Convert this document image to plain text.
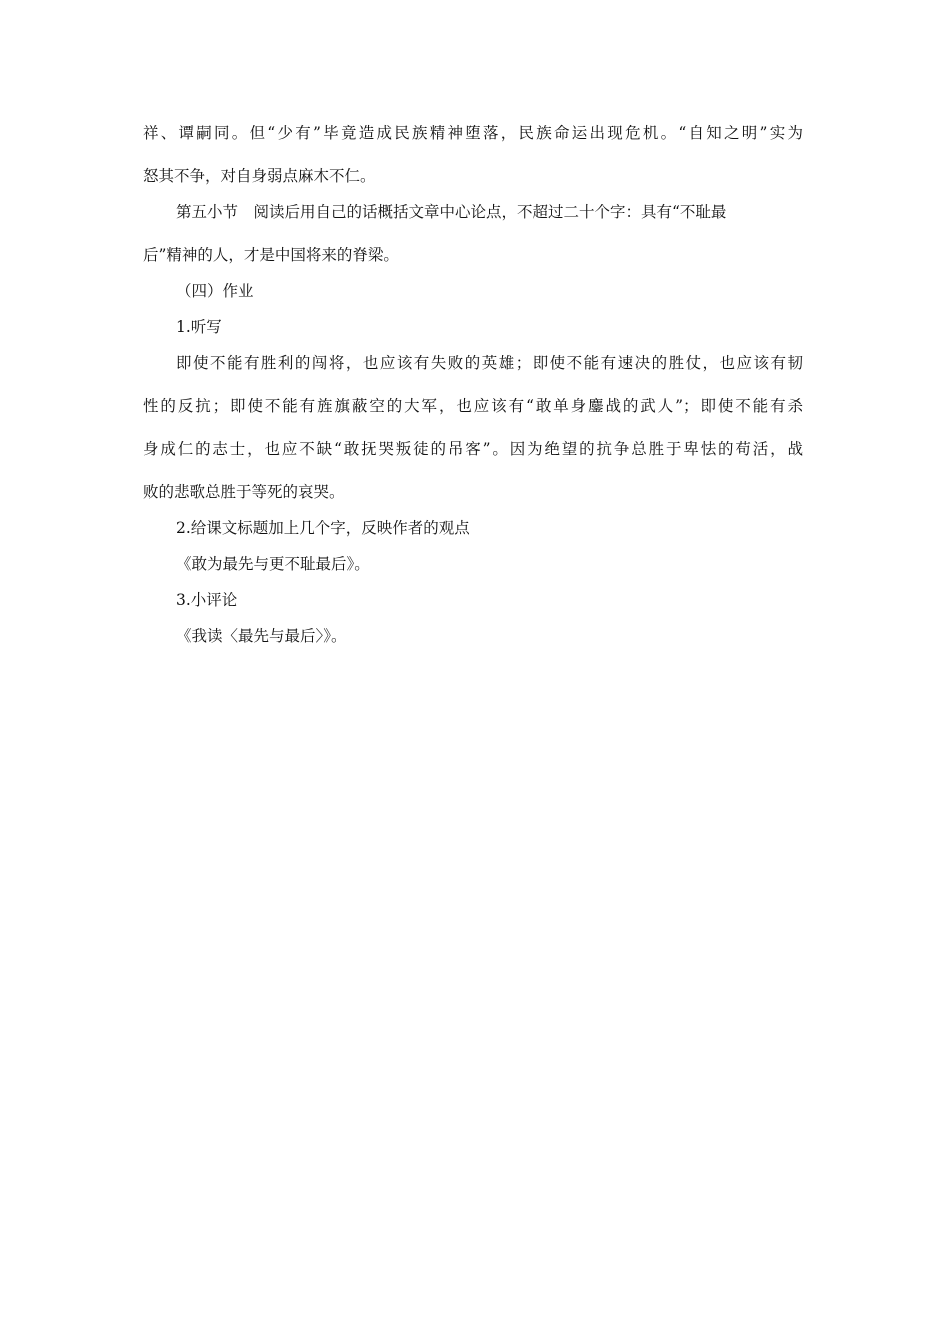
祥、谭嗣同。但“少有”毕竟造成民族精神堕落，民族命运出现危机。“自知之明”实为
怒其不争，对自身弱点麻木不仁。
第五小节　阅读后用自己的话概括文章中心论点，不超过二十个字：具有“不耻最
后”精神的人，才是中国将来的脊梁。
（四）作业
1.听写
即使不能有胜利的闯将，也应该有失败的英雄；即使不能有速决的胜仗，也应该有韧
性的反抗；即使不能有旌旗蔽空的大军，也应该有“敢单身鏖战的武人”；即使不能有杀
身成仁的志士，也应不缺“敢抚哭叛徒的吊客”。因为绝望的抗争总胜于卑怯的苟活，战
败的悲歌总胜于等死的哀哭。
2.给课文标题加上几个字，反映作者的观点
《敢为最先与更不耻最后》。
3.小评论
《我读〈最先与最后〉》。
